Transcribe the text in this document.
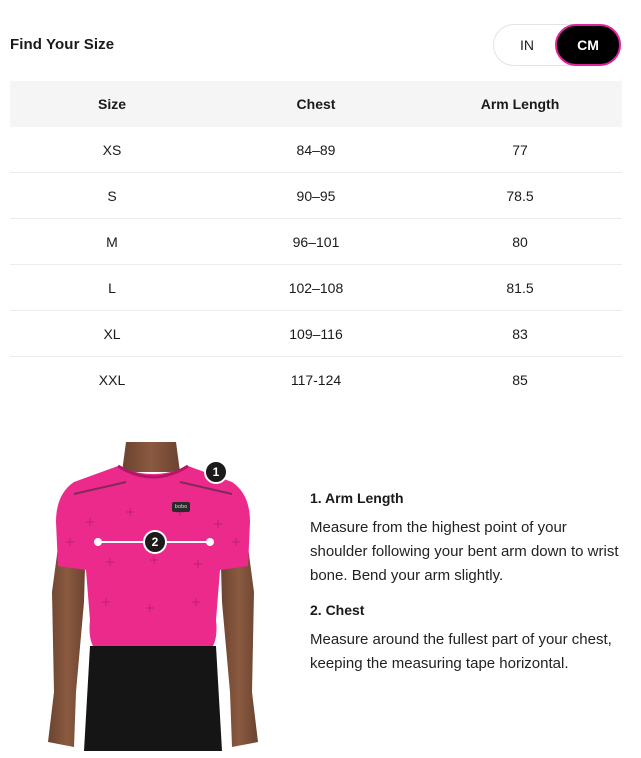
Find Your Size	IN	CM
Size	Chest	Arm Length
XS	84–89	77
S	90–95	78.5
M	96–101	80
L	102–108	81.5
XL	109–116	83
XXL	117-124	85
bobo
1
2
1. Arm Length

Measure from the highest point of your shoulder following your bent arm down to wrist bone. Bend your arm slightly.

2. Chest

Measure around the fullest part of your chest, keeping the measuring tape horizontal.
